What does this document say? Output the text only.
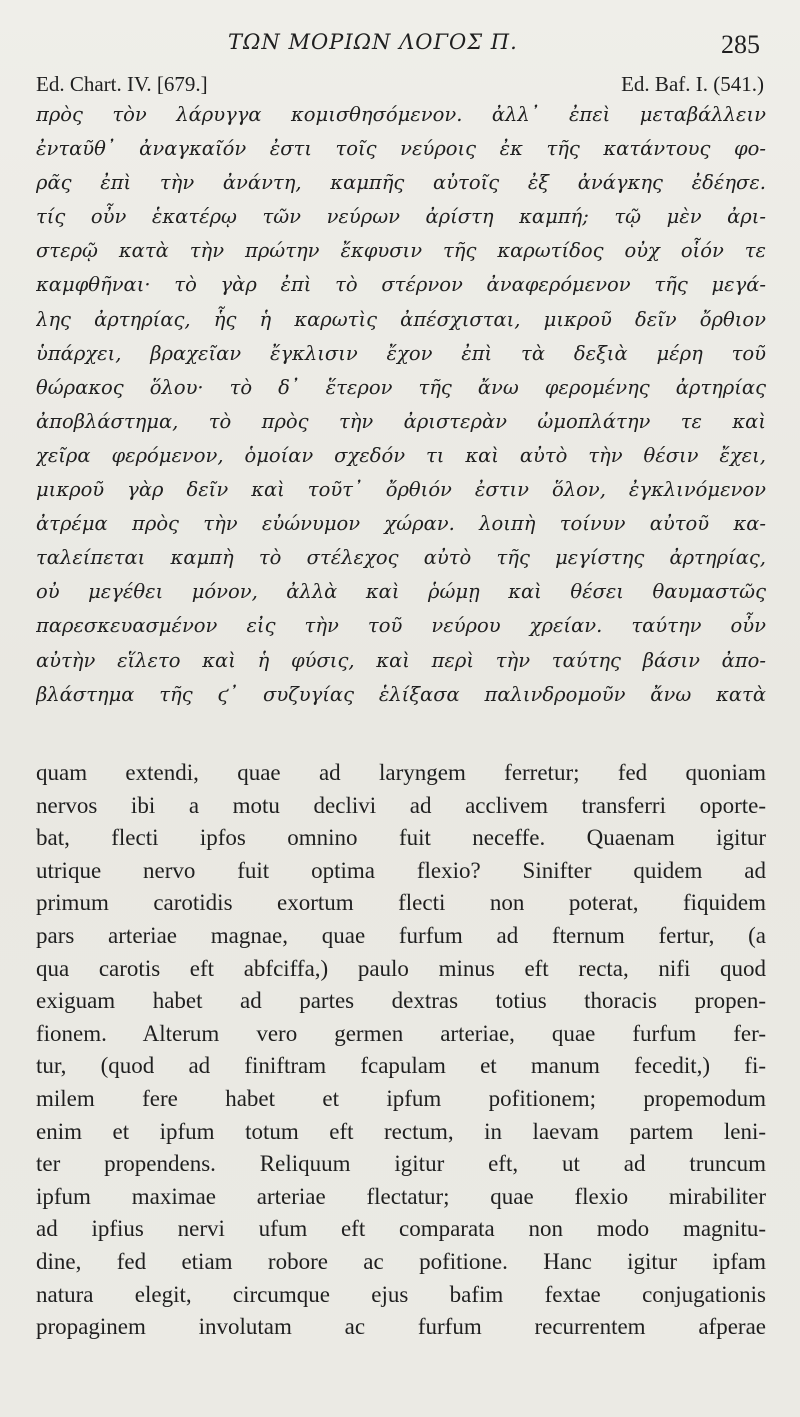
ΤΩΝ ΜΟΡΙΩΝ ΛΟΓΟΣ Π.	285
Ed. Chart. IV. [679.]	Ed. Baf. I. (541.)
πρὸς τὸν λάρυγγα κομισθησόμενον. ἀλλ᾽ ἐπεὶ μεταβάλλειν
ἐνταῦθ᾽ ἀναγκαῖόν ἐστι τοῖς νεύροις ἐκ τῆς κατάντους φο-
ρᾶς ἐπὶ τὴν ἀνάντη, καμπῆς αὐτοῖς ἐξ ἀνάγκης ἐδέησε.
τίς οὖν ἑκατέρῳ τῶν νεύρων ἀρίστη καμπή; τῷ μὲν ἀρι-
στερῷ κατὰ τὴν πρώτην ἔκφυσιν τῆς καρωτίδος οὐχ οἷόν τε
καμφθῆναι· τὸ γὰρ ἐπὶ τὸ στέρνον ἀναφερόμενον τῆς μεγά-
λης ἀρτηρίας, ἧς ἡ καρωτὶς ἀπέσχισται, μικροῦ δεῖν ὄρθιον
ὑπάρχει, βραχεῖαν ἔγκλισιν ἔχον ἐπὶ τὰ δεξιὰ μέρη τοῦ
θώρακος ὅλου· τὸ δ᾽ ἕτερον τῆς ἄνω φερομένης ἀρτηρίας
ἀποβλάστημα, τὸ πρὸς τὴν ἀριστερὰν ὠμοπλάτην τε καὶ
χεῖρα φερόμενον, ὁμοίαν σχεδόν τι καὶ αὐτὸ τὴν θέσιν ἔχει,
μικροῦ γὰρ δεῖν καὶ τοῦτ᾽ ὄρθιόν ἐστιν ὅλον, ἐγκλινόμενον
ἀτρέμα πρὸς τὴν εὐώνυμον χώραν. λοιπὴ τοίνυν αὐτοῦ κα-
ταλείπεται καμπὴ τὸ στέλεχος αὐτὸ τῆς μεγίστης ἀρτηρίας,
οὐ μεγέθει μόνον, ἀλλὰ καὶ ῥώμῃ καὶ θέσει θαυμαστῶς
παρεσκευασμένον εἰς τὴν τοῦ νεύρου χρείαν. ταύτην οὖν
αὐτὴν εἵλετο καὶ ἡ φύσις, καὶ περὶ τὴν ταύτης βάσιν ἀπο-
βλάστημα τῆς ϛ᾽ συζυγίας ἑλίξασα παλινδρομοῦν ἄνω κατὰ
quam extendi, quae ad laryngem ferretur; fed quoniam
nervos ibi a motu declivi ad acclivem transferri oporte-
bat, flecti ipfos omnino fuit neceffe. Quaenam igitur
utrique nervo fuit optima flexio? Sinifter quidem ad
primum carotidis exortum flecti non poterat, fiquidem
pars arteriae magnae, quae furfum ad fternum fertur, (a
qua carotis eft abfciffa,) paulo minus eft recta, nifi quod
exiguam habet ad partes dextras totius thoracis propen-
fionem. Alterum vero germen arteriae, quae furfum fer-
tur, (quod ad finiftram fcapulam et manum fecedit,) fi-
milem fere habet et ipfum pofitionem; propemodum
enim et ipfum totum eft rectum, in laevam partem leni-
ter propendens. Reliquum igitur eft, ut ad truncum
ipfum maximae arteriae flectatur; quae flexio mirabiliter
ad ipfius nervi ufum eft comparata non modo magnitu-
dine, fed etiam robore ac pofitione. Hanc igitur ipfam
natura elegit, circumque ejus bafim fextae conjugationis
propaginem involutam ac furfum recurrentem afperae
